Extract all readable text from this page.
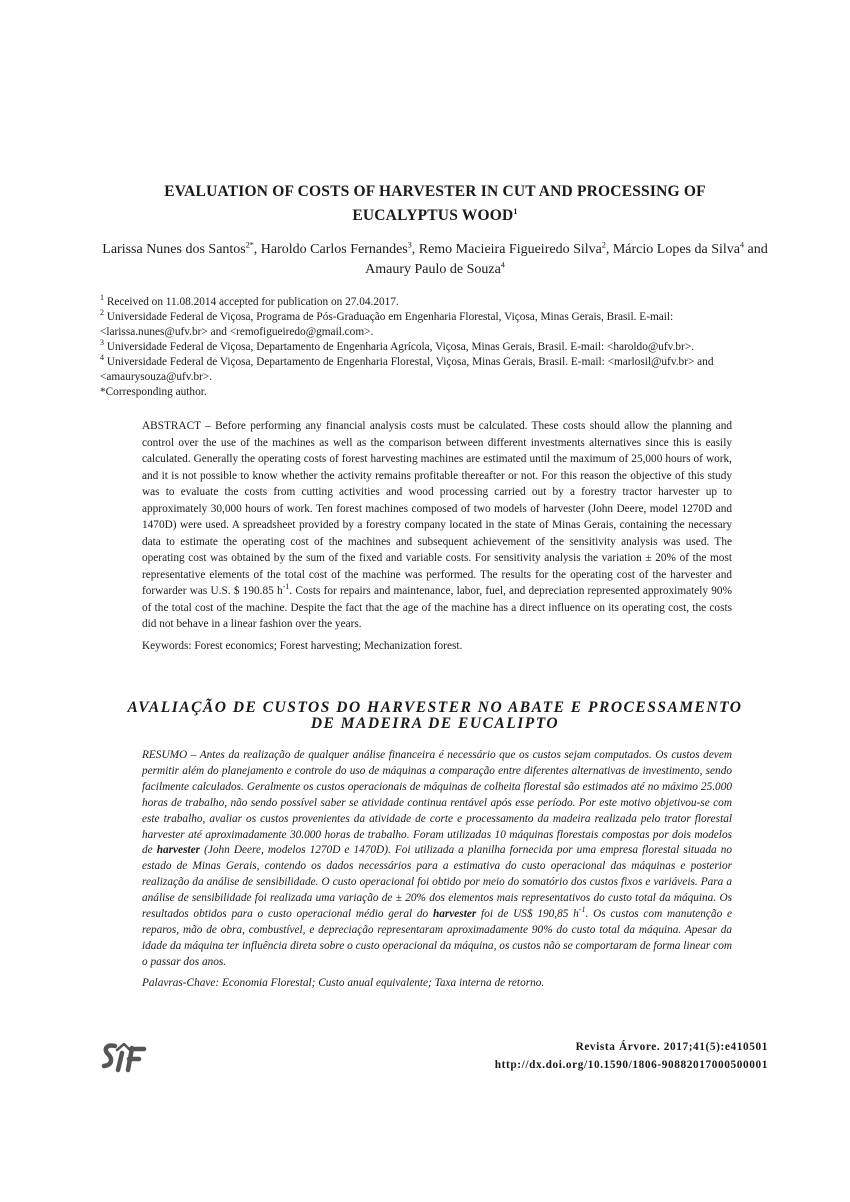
EVALUATION OF COSTS OF HARVESTER IN CUT AND PROCESSING OF
EUCALYPTUS WOOD$^1$
Larissa Nunes dos Santos$^{2*}$, Haroldo Carlos Fernandes$^3$, Remo Macieira Figueiredo Silva$^2$, Márcio Lopes da Silva$^4$ and Amaury Paulo de Souza$^4$
$^1$ Received on 11.08.2014 accepted for publication on 27.04.2017.
$^2$ Universidade Federal de Viçosa, Programa de Pós-Graduação em Engenharia Florestal, Viçosa, Minas Gerais, Brasil. E-mail: <larissa.nunes@ufv.br> and <remofigueiredo@gmail.com>.
$^3$ Universidade Federal de Viçosa, Departamento de Engenharia Agrícola, Viçosa, Minas Gerais, Brasil. E-mail: <haroldo@ufv.br>.
$^4$ Universidade Federal de Viçosa, Departamento de Engenharia Florestal, Viçosa, Minas Gerais, Brasil. E-mail: <marlosil@ufv.br> and <amaurysouza@ufv.br>.
*Corresponding author.

ABSTRACT – Before performing any financial analysis costs must be calculated. These costs should allow the planning and control over the use of the machines as well as the comparison between different investments alternatives since this is easily calculated. Generally the operating costs of forest harvesting machines are estimated until the maximum of 25,000 hours of work, and it is not possible to know whether the activity remains profitable thereafter or not. For this reason the objective of this study was to evaluate the costs from cutting activities and wood processing carried out by a forestry tractor harvester up to approximately 30,000 hours of work. Ten forest machines composed of two models of harvester (John Deere, model 1270D and 1470D) were used. A spreadsheet provided by a forestry company located in the state of Minas Gerais, containing the necessary data to estimate the operating cost of the machines and subsequent achievement of the sensitivity analysis was used. The operating cost was obtained by the sum of the fixed and variable costs. For sensitivity analysis the variation ± 20% of the most representative elements of the total cost of the machine was performed. The results for the operating cost of the harvester and forwarder was U.S. $ 190.85 $h^{-1}$. Costs for repairs and maintenance, labor, fuel, and depreciation represented approximately 90% of the total cost of the machine. Despite the fact that the age of the machine has a direct influence on its operating cost, the costs did not behave in a linear fashion over the years.

Keywords: Forest economics; Forest harvesting; Mechanization forest.

AVALIAÇÃO DE CUSTOS DO HARVESTER NO ABATE E PROCESSAMENTO
DE MADEIRA DE EUCALIPTO

RESUMO – Antes da realização de qualquer análise financeira é necessário que os custos sejam computados. Os custos devem permitir além do planejamento e controle do uso de máquinas a comparação entre diferentes alternativas de investimento, sendo facilmente calculados. Geralmente os custos operacionais de máquinas de colheita florestal são estimados até no máximo 25.000 horas de trabalho, não sendo possível saber se atividade continua rentável após esse período. Por este motivo objetivou-se com este trabalho, avaliar os custos provenientes da atividade de corte e processamento da madeira realizada pelo trator florestal harvester até aproximadamente 30.000 horas de trabalho. Foram utilizadas 10 máquinas florestais compostas por dois modelos de harvester (John Deere, modelos 1270D e 1470D). Foi utilizada a planilha fornecida por uma empresa florestal situada no estado de Minas Gerais, contendo os dados necessários para a estimativa do custo operacional das máquinas e posterior realização da análise de sensibilidade. O custo operacional foi obtido por meio do somatório dos custos fixos e variáveis. Para a análise de sensibilidade foi realizada uma variação de ± 20% dos elementos mais representativos do custo total da máquina. Os resultados obtidos para o custo operacional médio geral do harvester foi de US$ 190,85 $h^{-1}$. Os custos com manutenção e reparos, mão de obra, combustível, e depreciação representaram aproximadamente 90% do custo total da máquina. Apesar da idade da máquina ter influência direta sobre o custo operacional da máquina, os custos não se comportaram de forma linear com o passar dos anos.

Palavras-Chave: Economia Florestal; Custo anual equivalente; Taxa interna de retorno.

SIF
Revista Árvore. 2017;41(5):e410501
http://dx.doi.org/10.1590/1806-90882017000500001
